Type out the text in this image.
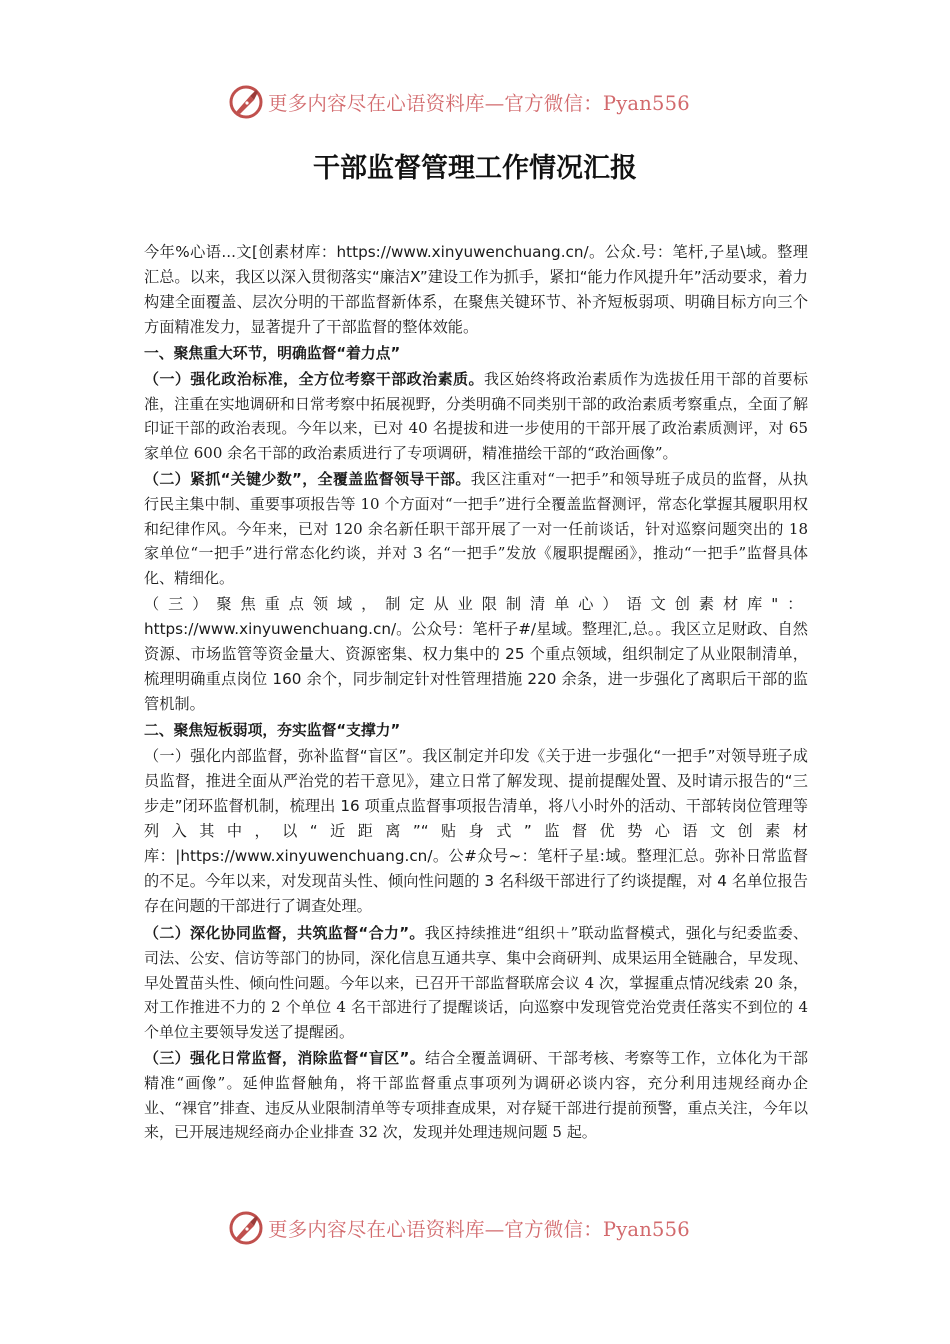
更多内容尽在心语资料库—官方微信：Pyan556
干部监督管理工作情况汇报

今年%心语...文[创素材库：https://www.xinyuwenchuang.cn/。公众.号：笔杆,子星\域。整理汇总。以来，我区以深入贯彻落实“廉洁X”建设工作为抓手，紧扣“能力作风提升年”活动要求，着力构建全面覆盖、层次分明的干部监督新体系，在聚焦关键环节、补齐短板弱项、明确目标方向三个方面精准发力，显著提升了干部监督的整体效能。

一、聚焦重大环节，明确监督“着力点”

（一）强化政治标准，全方位考察干部政治素质。我区始终将政治素质作为选拔任用干部的首要标准，注重在实地调研和日常考察中拓展视野，分类明确不同类别干部的政治素质考察重点，全面了解印证干部的政治表现。今年以来，已对 40 名提拔和进一步使用的干部开展了政治素质测评，对 65 家单位 600 余名干部的政治素质进行了专项调研，精准描绘干部的“政治画像”。

（二）紧抓“关键少数”，全覆盖监督领导干部。我区注重对“一把手”和领导班子成员的监督，从执行民主集中制、重要事项报告等 10 个方面对“一把手”进行全覆盖监督测评，常态化掌握其履职用权和纪律作风。今年来，已对 120 余名新任职干部开展了一对一任前谈话，针对巡察问题突出的 18 家单位“一把手”进行常态化约谈，并对 3 名“一把手”发放《履职提醒函》，推动“一把手”监督具体化、精细化。

（三）聚焦重点领域，制定从业限制清单心）语文创素材库"： https://www.xinyuwenchuang.cn/。公众号：笔杆子#/星域。整理汇,总。。我区立足财政、自然资源、市场监管等资金量大、资源密集、权力集中的 25 个重点领域，组织制定了从业限制清单，梳理明确重点岗位 160 余个，同步制定针对性管理措施 220 余条，进一步强化了离职后干部的监管机制。

二、聚焦短板弱项，夯实监督“支撑力”

（一）强化内部监督，弥补监督“盲区”。我区制定并印发《关于进一步强化“一把手”对领导班子成员监督，推进全面从严治党的若干意见》，建立日常了解发现、提前提醒处置、及时请示报告的“三步走”闭环监督机制，梳理出 16 项重点监督事项报告清单，将八小时外的活动、干部转岗位管理等列入其中，以“近距离”“贴身式”监督优势心语文创素材库：|https://www.xinyuwenchuang.cn/。公#众号~：笔杆子星:域。整理汇总。弥补日常监督的不足。今年以来，对发现苗头性、倾向性问题的 3 名科级干部进行了约谈提醒，对 4 名单位报告存在问题的干部进行了调查处理。

（二）深化协同监督，共筑监督“合力”。我区持续推进“组织＋”联动监督模式，强化与纪委监委、司法、公安、信访等部门的协同，深化信息互通共享、集中会商研判、成果运用全链融合，早发现、早处置苗头性、倾向性问题。今年以来，已召开干部监督联席会议 4 次，掌握重点情况线索 20 条，对工作推进不力的 2 个单位 4 名干部进行了提醒谈话，向巡察中发现管党治党责任落实不到位的 4 个单位主要领导发送了提醒函。

（三）强化日常监督，消除监督“盲区”。结合全覆盖调研、干部考核、考察等工作，立体化为干部精准“画像”。延伸监督触角，将干部监督重点事项列为调研必谈内容，充分利用违规经商办企业、“裸官”排查、违反从业限制清单等专项排查成果，对存疑干部进行提前预警，重点关注，今年以来，已开展违规经商办企业排查 32 次，发现并处理违规问题 5 起。

更多内容尽在心语资料库—官方微信：Pyan556
